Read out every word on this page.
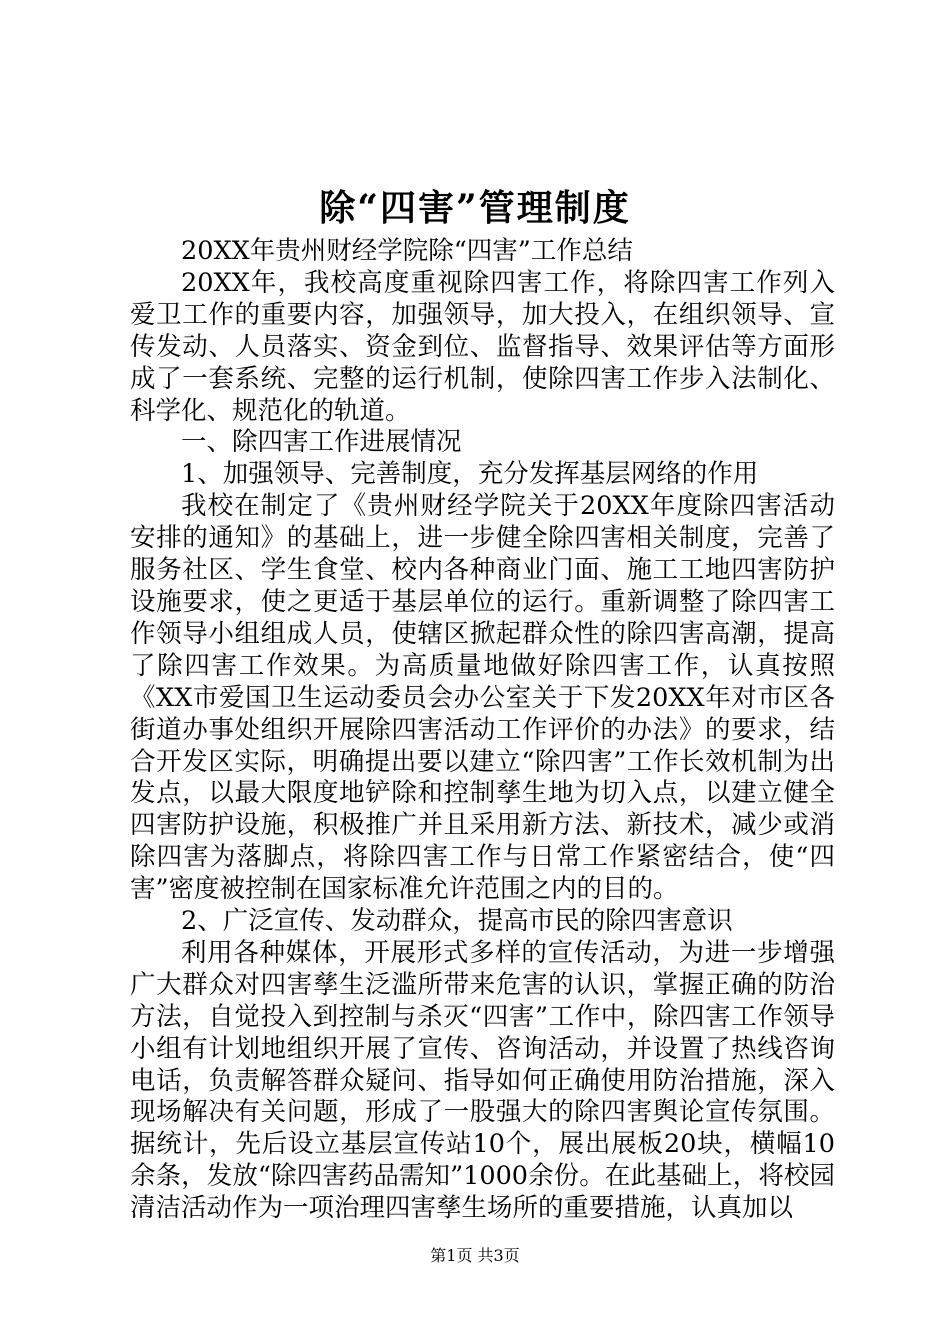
除“四害”管理制度

20XX年贵州财经学院除“四害”工作总结

20XX年，我校高度重视除四害工作，将除四害工作列入爱卫工作的重要内容，加强领导，加大投入，在组织领导、宣传发动、人员落实、资金到位、监督指导、效果评估等方面形成了一套系统、完整的运行机制，使除四害工作步入法制化、科学化、规范化的轨道。

一、除四害工作进展情况

1、加强领导、完善制度，充分发挥基层网络的作用

我校在制定了《贵州财经学院关于20XX年度除四害活动安排的通知》的基础上，进一步健全除四害相关制度，完善了服务社区、学生食堂、校内各种商业门面、施工工地四害防护设施要求，使之更适于基层单位的运行。重新调整了除四害工作领导小组组成人员，使辖区掀起群众性的除四害高潮，提高了除四害工作效果。为高质量地做好除四害工作，认真按照《XX市爱国卫生运动委员会办公室关于下发20XX年对市区各街道办事处组织开展除四害活动工作评价的办法》的要求，结合开发区实际，明确提出要以建立“除四害”工作长效机制为出发点，以最大限度地铲除和控制孳生地为切入点，以建立健全四害防护设施，积极推广并且采用新方法、新技术，减少或消除四害为落脚点，将除四害工作与日常工作紧密结合，使“四害”密度被控制在国家标准允许范围之内的目的。

2、广泛宣传、发动群众，提高市民的除四害意识

利用各种媒体，开展形式多样的宣传活动，为进一步增强广大群众对四害孳生泛滥所带来危害的认识，掌握正确的防治方法，自觉投入到控制与杀灭“四害”工作中，除四害工作领导小组有计划地组织开展了宣传、咨询活动，并设置了热线咨询电话，负责解答群众疑问、指导如何正确使用防治措施，深入现场解决有关问题，形成了一股强大的除四害舆论宣传氛围。据统计，先后设立基层宣传站10个，展出展板20块，横幅10余条，发放“除四害药品需知”1000余份。在此基础上，将校园清洁活动作为一项治理四害孳生场所的重要措施，认真加以

第1页 共3页
